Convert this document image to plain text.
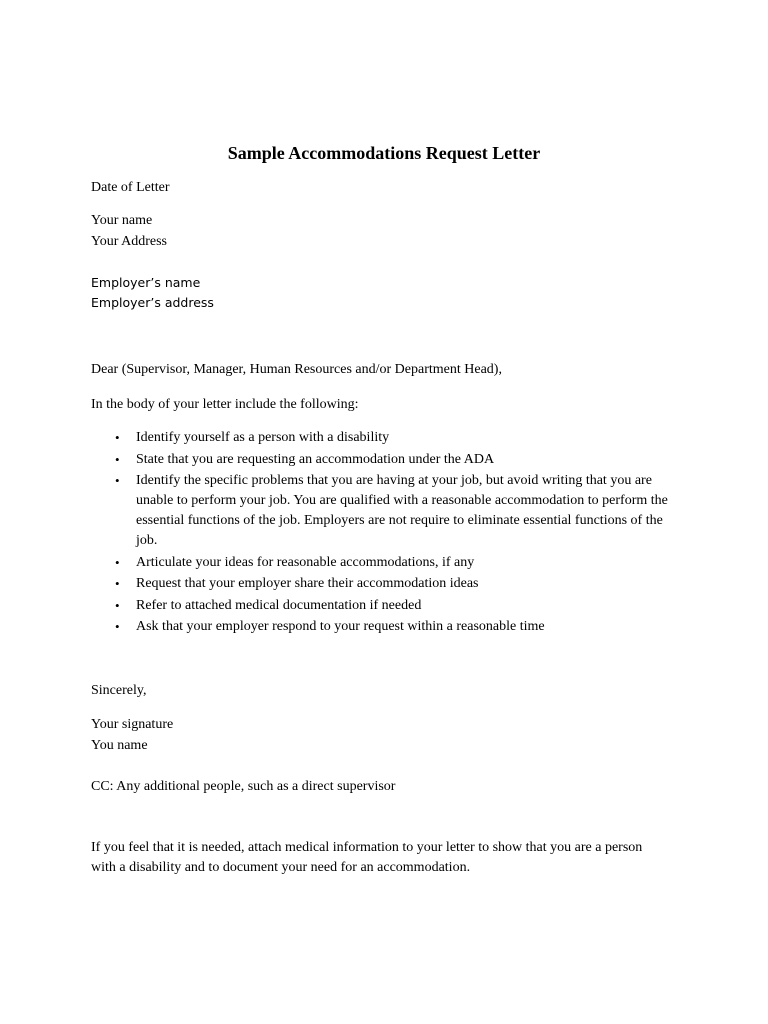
Sample Accommodations Request Letter
Date of Letter
Your name
Your Address
Employer’s name
Employer’s address
Dear (Supervisor, Manager, Human Resources and/or Department Head),
In the body of your letter include the following:
• Identify yourself as a person with a disability
• State that you are requesting an accommodation under the ADA
• Identify the specific problems that you are having at your job, but avoid writing that you are unable to perform your job. You are qualified with a reasonable accommodation to perform the essential functions of the job. Employers are not require to eliminate essential functions of the job.
• Articulate your ideas for reasonable accommodations, if any
• Request that your employer share their accommodation ideas
• Refer to attached medical documentation if needed
• Ask that your employer respond to your request within a reasonable time
Sincerely,
Your signature
You name
CC: Any additional people, such as a direct supervisor
If you feel that it is needed, attach medical information to your letter to show that you are a person with a disability and to document your need for an accommodation.
